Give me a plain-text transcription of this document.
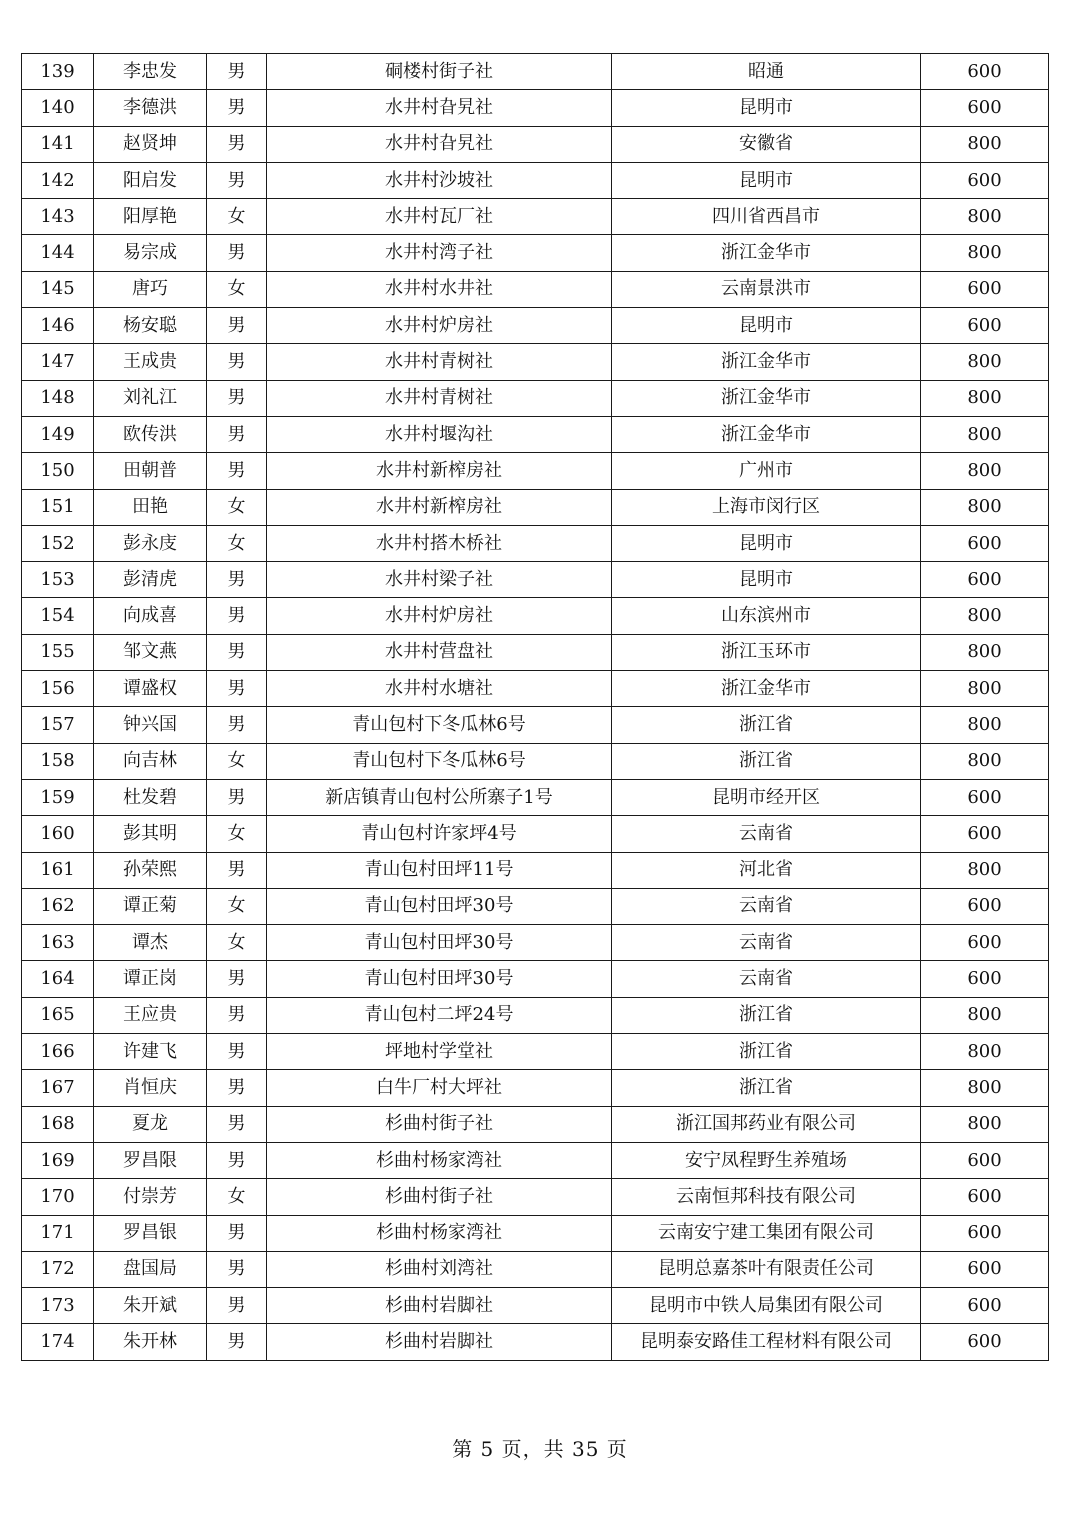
139	李忠发	男	硐楼村街子社	昭通	600
140	李德洪	男	水井村旮旯社	昆明市	600
141	赵贤坤	男	水井村旮旯社	安徽省	800
142	阳启发	男	水井村沙坡社	昆明市	600
143	阳厚艳	女	水井村瓦厂社	四川省西昌市	800
144	易宗成	男	水井村湾子社	浙江金华市	800
145	唐巧	女	水井村水井社	云南景洪市	600
146	杨安聪	男	水井村炉房社	昆明市	600
147	王成贵	男	水井村青树社	浙江金华市	800
148	刘礼江	男	水井村青树社	浙江金华市	800
149	欧传洪	男	水井村堰沟社	浙江金华市	800
150	田朝普	男	水井村新榨房社	广州市	800
151	田艳	女	水井村新榨房社	上海市闵行区	800
152	彭永庋	女	水井村搭木桥社	昆明市	600
153	彭清虎	男	水井村梁子社	昆明市	600
154	向成喜	男	水井村炉房社	山东滨州市	800
155	邹文燕	男	水井村营盘社	浙江玉环市	800
156	谭盛权	男	水井村水塘社	浙江金华市	800
157	钟兴国	男	青山包村下冬瓜林6号	浙江省	800
158	向吉林	女	青山包村下冬瓜林6号	浙江省	800
159	杜发碧	男	新店镇青山包村公所寨子1号	昆明市经开区	600
160	彭其明	女	青山包村许家坪4号	云南省	600
161	孙荣熙	男	青山包村田坪11号	河北省	800
162	谭正菊	女	青山包村田坪30号	云南省	600
163	谭杰	女	青山包村田坪30号	云南省	600
164	谭正岗	男	青山包村田坪30号	云南省	600
165	王应贵	男	青山包村二坪24号	浙江省	800
166	许建飞	男	坪地村学堂社	浙江省	800
167	肖恒庆	男	白牛厂村大坪社	浙江省	800
168	夏龙	男	杉曲村街子社	浙江国邦药业有限公司	800
169	罗昌限	男	杉曲村杨家湾社	安宁凤程野生养殖场	600
170	付崇芳	女	杉曲村街子社	云南恒邦科技有限公司	600
171	罗昌银	男	杉曲村杨家湾社	云南安宁建工集团有限公司	600
172	盘国局	男	杉曲村刘湾社	昆明总嘉茶叶有限责任公司	600
173	朱开斌	男	杉曲村岩脚社	昆明市中铁人局集团有限公司	600
174	朱开林	男	杉曲村岩脚社	昆明泰安路佳工程材料有限公司	600
第 5 页，共 35 页
